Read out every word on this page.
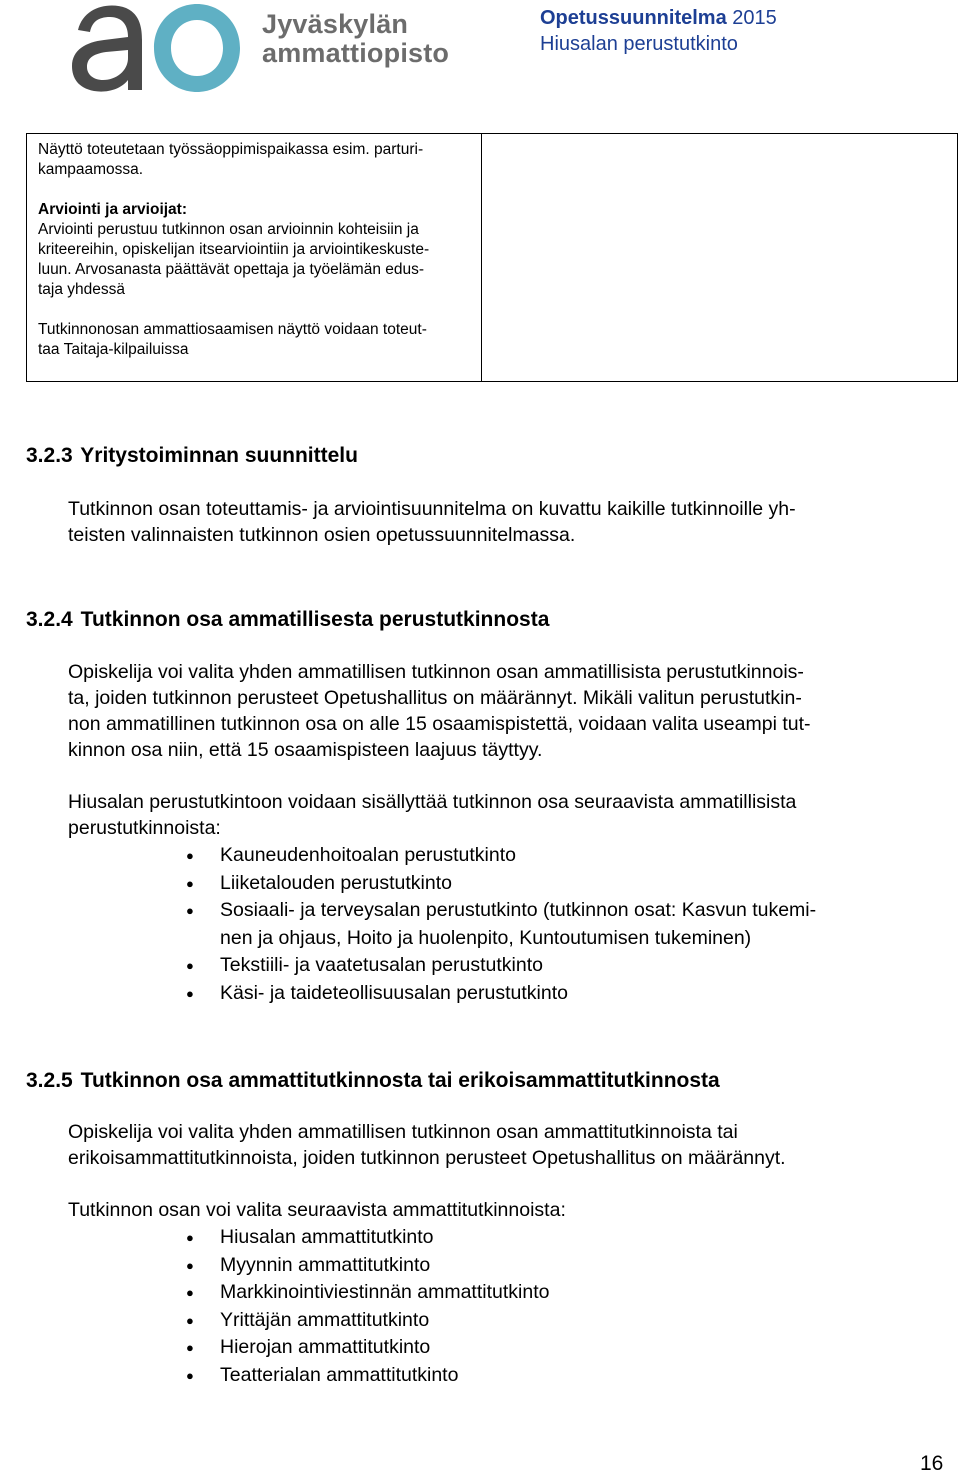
Jyväskylän
ammattiopisto
Opetussuunnitelma 2015
Hiusalan perustutkinto

Näyttö toteutetaan työssäoppimispaikassa esim. parturi-

kampaamossa.

Arviointi ja arvioijat:

Arviointi perustuu tutkinnon osan arvioinnin kohteisiin ja

kriteereihin, opiskelijan itsearviointiin ja arviointikeskuste-

luun. Arvosanasta päättävät opettaja ja työelämän edus-

taja yhdessä

Tutkinnonosan ammattiosaamisen näyttö voidaan toteut-

taa Taitaja-kilpailuissa

3.2.3 Yritystoiminnan suunnittelu

Tutkinnon osan toteuttamis- ja arviointisuunnitelma on kuvattu kaikille tutkinnoille yh-

teisten valinnaisten tutkinnon osien opetussuunnitelmassa.

3.2.4 Tutkinnon osa ammatillisesta perustutkinnosta

Opiskelija voi valita yhden ammatillisen tutkinnon osan ammatillisista perustutkinnois-

ta, joiden tutkinnon perusteet Opetushallitus on määrännyt. Mikäli valitun perustutkin-

non ammatillinen tutkinnon osa on alle 15 osaamispistettä, voidaan valita useampi tut-

kinnon osa niin, että 15 osaamispisteen laajuus täyttyy.

Hiusalan perustutkintoon voidaan sisällyttää tutkinnon osa seuraavista ammatillisista

perustutkinnoista:

● Kauneudenhoitoalan perustutkinto
● Liiketalouden perustutkinto
● Sosiaali- ja terveysalan perustutkinto (tutkinnon osat: Kasvun tukemi-
nen ja ohjaus, Hoito ja huolenpito, Kuntoutumisen tukeminen)
● Tekstiili- ja vaatetusalan perustutkinto
● Käsi- ja taideteollisuusalan perustutkinto
3.2.5 Tutkinnon osa ammattitutkinnosta tai erikoisammattitutkinnosta

Opiskelija voi valita yhden ammatillisen tutkinnon osan ammattitutkinnoista tai

erikoisammattitutkinnoista, joiden tutkinnon perusteet Opetushallitus on määrännyt.

Tutkinnon osan voi valita seuraavista ammattitutkinnoista:

● Hiusalan ammattitutkinto
● Myynnin ammattitutkinto
● Markkinointiviestinnän ammattitutkinto
● Yrittäjän ammattitutkinto
● Hierojan ammattitutkinto
● Teatterialan ammattitutkinto
16
